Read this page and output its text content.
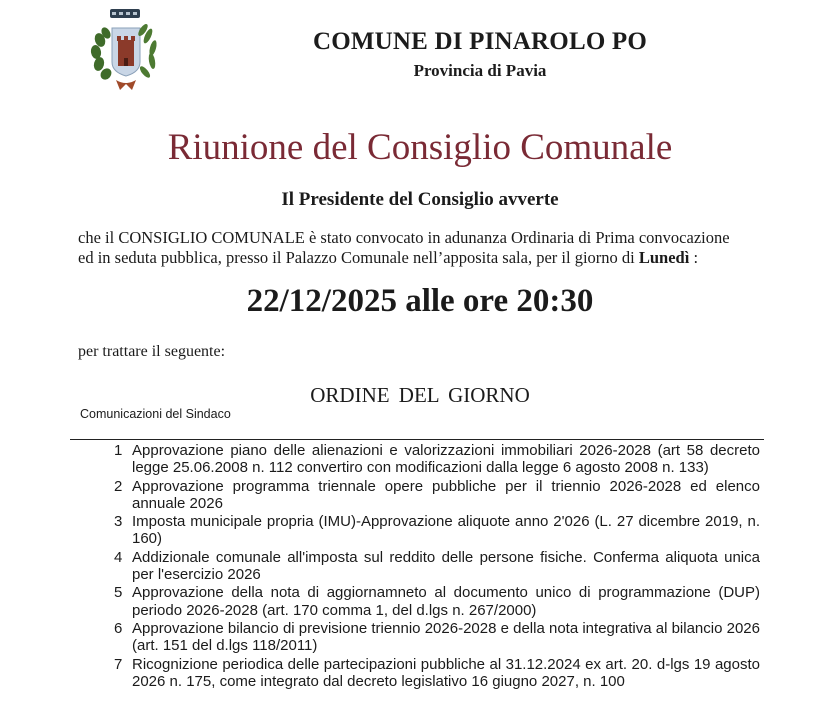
COMUNE DI PINAROLO PO
Provincia di Pavia
Riunione del Consiglio Comunale
Il Presidente del Consiglio avverte
che il CONSIGLIO COMUNALE è stato convocato in adunanza Ordinaria di Prima convocazione
ed in seduta pubblica, presso il Palazzo Comunale nell’apposita sala, per il giorno di Lunedì :
22/12/2025 alle ore 20:30
per trattare il seguente:
ORDINE DEL GIORNO
Comunicazioni del Sindaco
1 Approvazione piano delle alienazioni e valorizzazioni immobiliari 2026-2028 (art 58 decreto legge 25.06.2008 n. 112 convertiro con modificazioni dalla legge 6 agosto 2008 n. 133)
2 Approvazione programma triennale opere pubbliche per il triennio 2026-2028 ed elenco annuale 2026
3 Imposta municipale propria (IMU)-Approvazione aliquote anno 2'026 (L. 27 dicembre 2019, n. 160)
4 Addizionale comunale all'imposta sul reddito delle persone fisiche. Conferma aliquota unica per l'esercizio 2026
5 Approvazione della nota di aggiornamneto al documento unico di programmazione (DUP) periodo 2026-2028 (art. 170 comma 1, del d.lgs n. 267/2000)
6 Approvazione bilancio di previsione triennio 2026-2028 e della nota integrativa al bilancio 2026 (art. 151 del d.lgs 118/2011)
7 Ricognizione periodica delle partecipazioni pubbliche al 31.12.2024 ex art. 20. d-lgs 19 agosto 2026 n. 175, come integrato dal decreto legislativo 16 giugno 2027, n. 100
